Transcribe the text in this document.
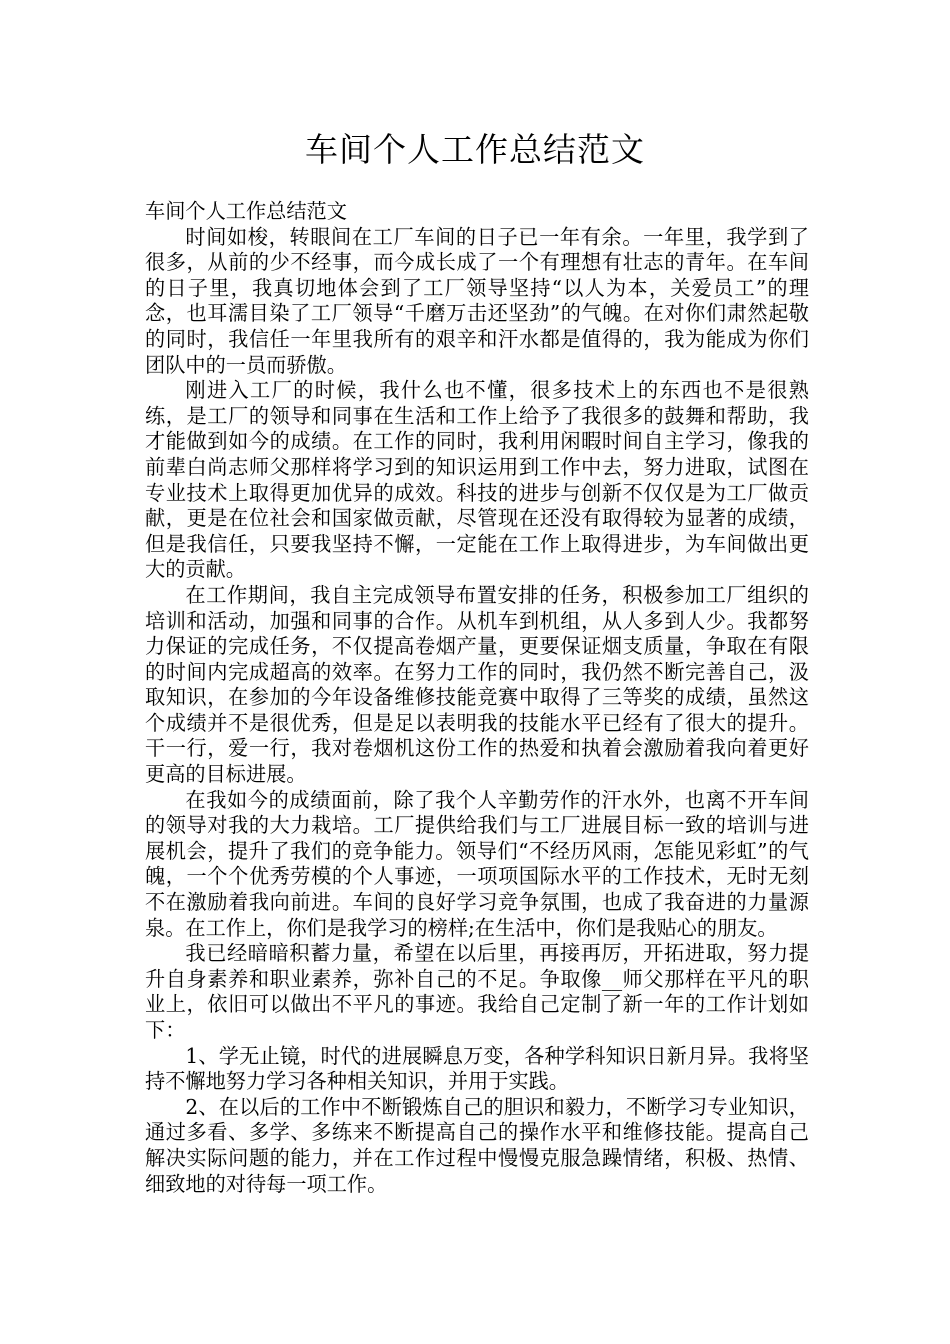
车间个人工作总结范文

车间个人工作总结范文

时间如梭，转眼间在工厂车间的日子已一年有余。一年里，我学到了很多，从前的少不经事，而今成长成了一个有理想有壮志的青年。在车间的日子里，我真切地体会到了工厂领导坚持“以人为本，关爱员工”的理念，也耳濡目染了工厂领导“千磨万击还坚劲”的气魄。在对你们肃然起敬的同时，我信任一年里我所有的艰辛和汗水都是值得的，我为能成为你们团队中的一员而骄傲。

刚进入工厂的时候，我什么也不懂，很多技术上的东西也不是很熟练，是工厂的领导和同事在生活和工作上给予了我很多的鼓舞和帮助，我才能做到如今的成绩。在工作的同时，我利用闲暇时间自主学习，像我的前辈白尚志师父那样将学习到的知识运用到工作中去，努力进取，试图在专业技术上取得更加优异的成效。科技的进步与创新不仅仅是为工厂做贡献，更是在位社会和国家做贡献，尽管现在还没有取得较为显著的成绩，但是我信任，只要我坚持不懈，一定能在工作上取得进步，为车间做出更大的贡献。

在工作期间，我自主完成领导布置安排的任务，积极参加工厂组织的培训和活动，加强和同事的合作。从机车到机组，从人多到人少。我都努力保证的完成任务，不仅提高卷烟产量，更要保证烟支质量，争取在有限的时间内完成超高的效率。在努力工作的同时，我仍然不断完善自己，汲取知识，在参加的今年设备维修技能竞赛中取得了三等奖的成绩，虽然这个成绩并不是很优秀，但是足以表明我的技能水平已经有了很大的提升。干一行，爱一行，我对卷烟机这份工作的热爱和执着会激励着我向着更好更高的目标进展。

在我如今的成绩面前，除了我个人辛勤劳作的汗水外，也离不开车间的领导对我的大力栽培。工厂提供给我们与工厂进展目标一致的培训与进展机会，提升了我们的竞争能力。领导们“不经历风雨，怎能见彩虹”的气魄，一个个优秀劳模的个人事迹，一项项国际水平的工作技术，无时无刻不在激励着我向前进。车间的良好学习竞争氛围，也成了我奋进的力量源泉。在工作上，你们是我学习的榜样;在生活中，你们是我贴心的朋友。

我已经暗暗积蓄力量，希望在以后里，再接再厉，开拓进取，努力提升自身素养和职业素养，弥补自己的不足。争取像__师父那样在平凡的职业上，依旧可以做出不平凡的事迹。我给自己定制了新一年的工作计划如下：

1、学无止镜，时代的进展瞬息万变，各种学科知识日新月异。我将坚持不懈地努力学习各种相关知识，并用于实践。

2、在以后的工作中不断锻炼自己的胆识和毅力，不断学习专业知识，通过多看、多学、多练来不断提高自己的操作水平和维修技能。提高自己解决实际问题的能力，并在工作过程中慢慢克服急躁情绪，积极、热情、细致地的对待每一项工作。
